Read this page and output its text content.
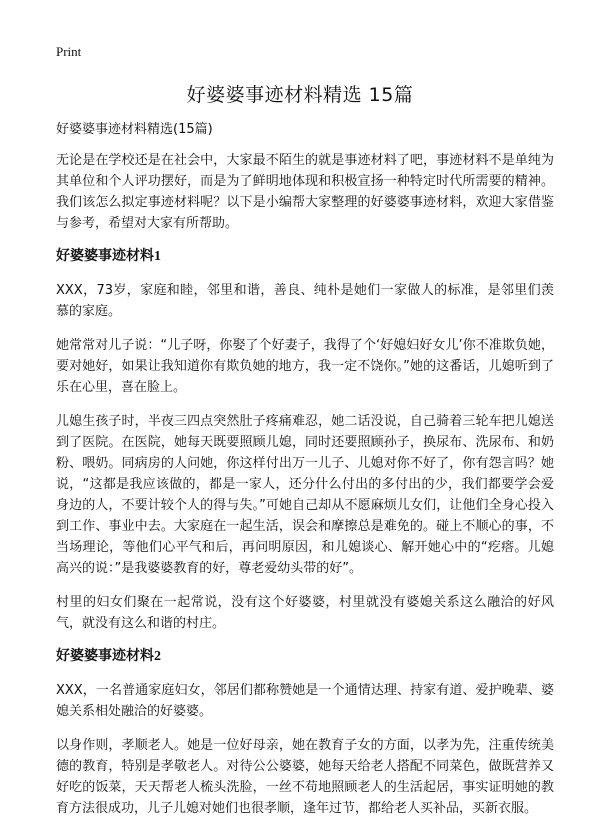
Print
好婆婆事迹材料精选 15篇
好婆婆事迹材料精选(15篇)

无论是在学校还是在社会中，大家最不陌生的就是事迹材料了吧，事迹材料不是单纯为其单位和个人评功摆好，而是为了鲜明地体现和积极宣扬一种特定时代所需要的精神。我们该怎么拟定事迹材料呢？以下是小编帮大家整理的好婆婆事迹材料，欢迎大家借鉴与参考，希望对大家有所帮助。

好婆婆事迹材料1

XXX，73岁，家庭和睦，邻里和谐，善良、纯朴是她们一家做人的标准，是邻里们羡慕的家庭。

她常常对儿子说：“儿子呀，你娶了个好妻子，我得了个‘好媳妇好女儿’你不准欺负她，要对她好，如果让我知道你有欺负她的地方，我一定不饶你。”她的这番话，儿媳听到了乐在心里，喜在脸上。

儿媳生孩子时，半夜三四点突然肚子疼痛难忍，她二话没说，自己骑着三轮车把儿媳送到了医院。在医院，她每天既要照顾儿媳，同时还要照顾孙子，换尿布、洗尿布、和奶粉、喂奶。同病房的人问她，你这样付出万一儿子、儿媳对你不好了，你有怨言吗？她说，“这都是我应该做的，都是一家人，还分什么付出的多付出的少，我们都要学会爱身边的人，不要计较个人的得与失。”可她自己却从不愿麻烦儿女们，让他们全身心投入到工作、事业中去。大家庭在一起生活，误会和摩擦总是难免的。碰上不顺心的事，不当场理论，等他们心平气和后，再问明原因，和儿媳谈心、解开她心中的“疙瘩。儿媳高兴的说：”是我婆婆教育的好，尊老爱幼头带的好”。

村里的妇女们聚在一起常说，没有这个好婆婆，村里就没有婆媳关系这么融洽的好风气，就没有这么和谐的村庄。

好婆婆事迹材料2

XXX，一名普通家庭妇女，邻居们都称赞她是一个通情达理、持家有道、爱护晚辈、婆媳关系相处融洽的好婆婆。

以身作则，孝顺老人。她是一位好母亲，她在教育子女的方面，以孝为先，注重传统美德的教育，特别是孝敬老人。对待公公婆婆，她每天给老人搭配不同菜色，做既营养又好吃的饭菜，天天帮老人梳头洗脸，一丝不苟地照顾老人的生活起居，事实证明她的教育方法很成功，儿子儿媳对她们也很孝顺，逢年过节，都给老人买补品，买新衣服。
